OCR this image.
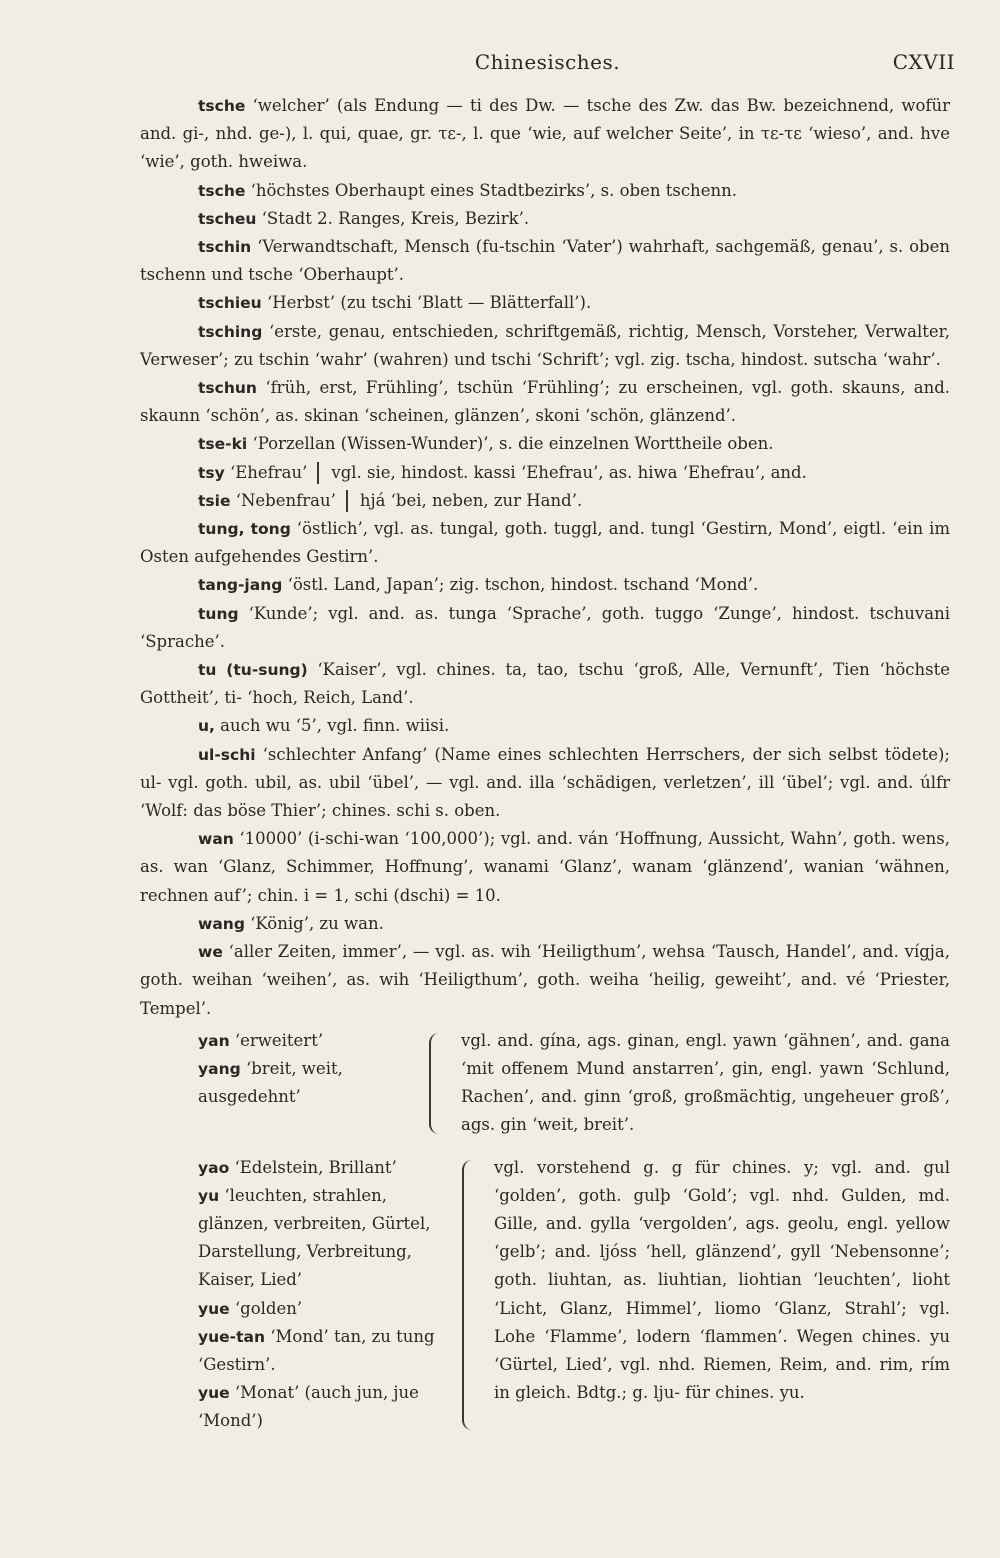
Chinesisches.	CXVII

tsche ‘welcher’ (als Endung — ti des Dw. — tsche des Zw. das Bw. bezeichnend, wofür and. gi-, nhd. ge-), l. qui, quae, gr. τε-, l. que ‘wie, auf welcher Seite’, in τε-τε ‘wieso’, and. hve ‘wie’, goth. hweiwa.

tsche ‘höchstes Oberhaupt eines Stadtbezirks’, s. oben tschenn.

tscheu ‘Stadt 2. Ranges, Kreis, Bezirk’.

tschin ‘Verwandtschaft, Mensch (fu-tschin ‘Vater’) wahrhaft, sachgemäß, genau’, s. oben tschenn und tsche ‘Oberhaupt’.

tschieu ‘Herbst’ (zu tschi ‘Blatt — Blätterfall’).

tsching ‘erste, genau, entschieden, schriftgemäß, richtig, Mensch, Vorsteher, Verwalter, Verweser’; zu tschin ‘wahr’ (wahren) und tschi ‘Schrift’; vgl. zig. tscha, hindost. sutscha ‘wahr’.

tschun ‘früh, erst, Frühling’, tschün ‘Frühling’; zu erscheinen, vgl. goth. skauns, and. skaunn ‘schön’, as. skinan ‘scheinen, glänzen’, skoni ‘schön, glänzend’.

tse-ki ‘Porzellan (Wissen-Wunder)’, s. die einzelnen Worttheile oben.

tsy ‘Ehefrau’ vgl. sie, hindost. kassi ‘Ehefrau’, as. hiwa ‘Ehefrau’, and.

tsie ‘Nebenfrau’ hjá ‘bei, neben, zur Hand’.

tung, tong ‘östlich’, vgl. as. tungal, goth. tuggl, and. tungl ‘Gestirn, Mond’, eigtl. ‘ein im Osten aufgehendes Gestirn’.

tang-jang ‘östl. Land, Japan’; zig. tschon, hindost. tschand ‘Mond’.

tung ‘Kunde’; vgl. and. as. tunga ‘Sprache’, goth. tuggo ‘Zunge’, hindost. tschuvani ‘Sprache’.

tu (tu-sung) ‘Kaiser’, vgl. chines. ta, tao, tschu ‘groß, Alle, Vernunft’, Tien ‘höchste Gottheit’, ti- ‘hoch, Reich, Land’.

u, auch wu ‘5’, vgl. finn. wiisi.

ul-schi ‘schlechter Anfang’ (Name eines schlechten Herrschers, der sich selbst tödete); ul- vgl. goth. ubil, as. ubil ‘übel’, — vgl. and. illa ‘schädigen, verletzen’, ill ‘übel’; vgl. and. úlfr ‘Wolf: das böse Thier’; chines. schi s. oben.

wan ‘10000’ (i-schi-wan ‘100,000’); vgl. and. ván ‘Hoffnung, Aussicht, Wahn’, goth. wens, as. wan ‘Glanz, Schimmer, Hoffnung’, wanami ‘Glanz’, wanam ‘glänzend’, wanian ‘wähnen, rechnen auf’; chin. i = 1, schi (dschi) = 10.

wang ‘König’, zu wan.

we ‘aller Zeiten, immer’, — vgl. as. wih ‘Heiligthum’, wehsa ‘Tausch, Handel’, and. vígja, goth. weihan ‘weihen’, as. wih ‘Heiligthum’, goth. weiha ‘heilig, geweiht’, and. vé ‘Priester, Tempel’.

yan ‘erweitert’

yang ‘breit, weit, ausgedehnt’

vgl. and. gína, ags. ginan, engl. yawn ‘gähnen’, and. gana ‘mit offenem Mund anstarren’, gin, engl. yawn ‘Schlund, Rachen’, and. ginn ‘groß, großmächtig, ungeheuer groß’, ags. gin ‘weit, breit’.

yao ‘Edelstein, Brillant’

yu ‘leuchten, strahlen, glänzen, verbreiten, Gürtel, Darstellung, Verbreitung, Kaiser, Lied’

yue ‘golden’

yue-tan ‘Mond’ tan, zu tung ‘Gestirn’.

yue ‘Monat’ (auch jun, jue ‘Mond’)

vgl. vorstehend g. g für chines. y; vgl. and. gul ‘golden’, goth. gulþ ‘Gold’; vgl. nhd. Gulden, md. Gille, and. gylla ‘vergolden’, ags. geolu, engl. yellow ‘gelb’; and. ljóss ‘hell, glänzend’, gyll ‘Nebensonne’; goth. liuhtan, as. liuhtian, liohtian ‘leuchten’, lioht ‘Licht, Glanz, Himmel’, liomo ‘Glanz, Strahl’; vgl. Lohe ‘Flamme’, lodern ‘flammen’. Wegen chines. yu ‘Gürtel, Lied’, vgl. nhd. Riemen, Reim, and. rim, rím in gleich. Bdtg.; g. lju- für chines. yu.
